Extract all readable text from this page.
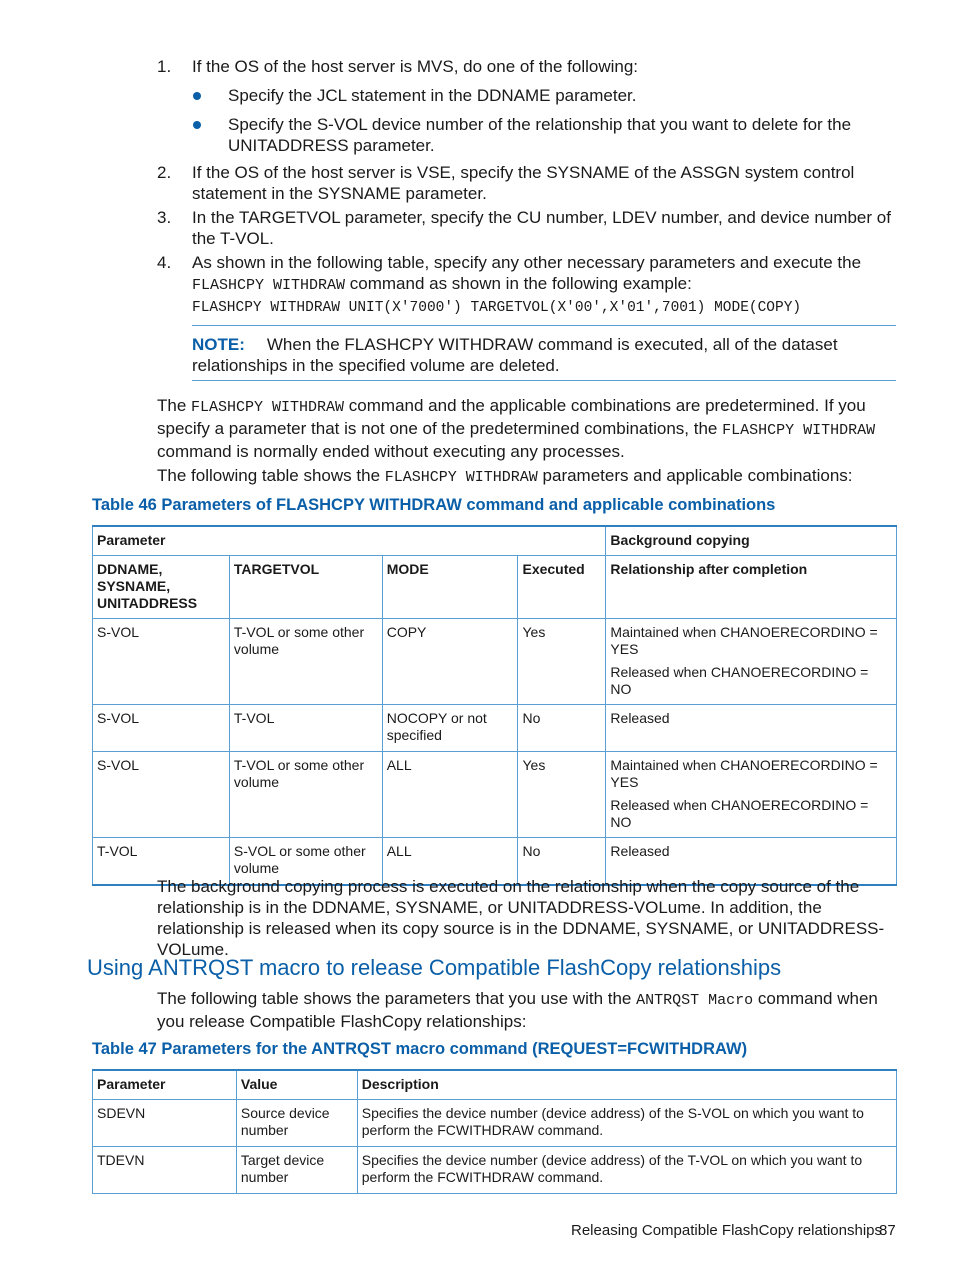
1. If the OS of the host server is MVS, do one of the following:
Specify the JCL statement in the DDNAME parameter.
Specify the S-VOL device number of the relationship that you want to delete for the UNITADDRESS parameter.
2. If the OS of the host server is VSE, specify the SYSNAME of the ASSGN system control statement in the SYSNAME parameter.
3. In the TARGETVOL parameter, specify the CU number, LDEV number, and device number of the T-VOL.
4. As shown in the following table, specify any other necessary parameters and execute the FLASHCPY WITHDRAW command as shown in the following example:
FLASHCPY WITHDRAW UNIT(X'7000') TARGETVOL(X'00',X'01',7001) MODE(COPY)
NOTE: When the FLASHCPY WITHDRAW command is executed, all of the dataset relationships in the specified volume are deleted.
The FLASHCPY WITHDRAW command and the applicable combinations are predetermined. If you specify a parameter that is not one of the predetermined combinations, the FLASHCPY WITHDRAW command is normally ended without executing any processes.
The following table shows the FLASHCPY WITHDRAW parameters and applicable combinations:
Table 46 Parameters of FLASHCPY WITHDRAW command and applicable combinations
Parameter				Background copying
DDNAME, SYSNAME, UNITADDRESS	TARGETVOL	MODE	Executed	Relationship after completion
S-VOL	T-VOL or some other volume	COPY	Yes	Maintained when CHANOERECORDINO = YES
Released when CHANOERECORDINO = NO

S-VOL	T-VOL	NOCOPY or not specified	No	Released
S-VOL	T-VOL or some other volume	ALL	Yes	Maintained when CHANOERECORDINO = YES
Released when CHANOERECORDINO = NO

T-VOL	S-VOL or some other volume	ALL	No	Released
The background copying process is executed on the relationship when the copy source of the relationship is in the DDNAME, SYSNAME, or UNITADDRESS-VOLume. In addition, the relationship is released when its copy source is in the DDNAME, SYSNAME, or UNITADDRESS-VOLume.
Using ANTRQST macro to release Compatible FlashCopy relationships
The following table shows the parameters that you use with the ANTRQST Macro command when you release Compatible FlashCopy relationships:
Table 47 Parameters for the ANTRQST macro command (REQUEST=FCWITHDRAW)
Parameter	Value	Description
SDEVN	Source device number	Specifies the device number (device address) of the S-VOL on which you want to perform the FCWITHDRAW command.
TDEVN	Target device number	Specifies the device number (device address) of the T-VOL on which you want to perform the FCWITHDRAW command.
Releasing Compatible FlashCopy relationships
87
